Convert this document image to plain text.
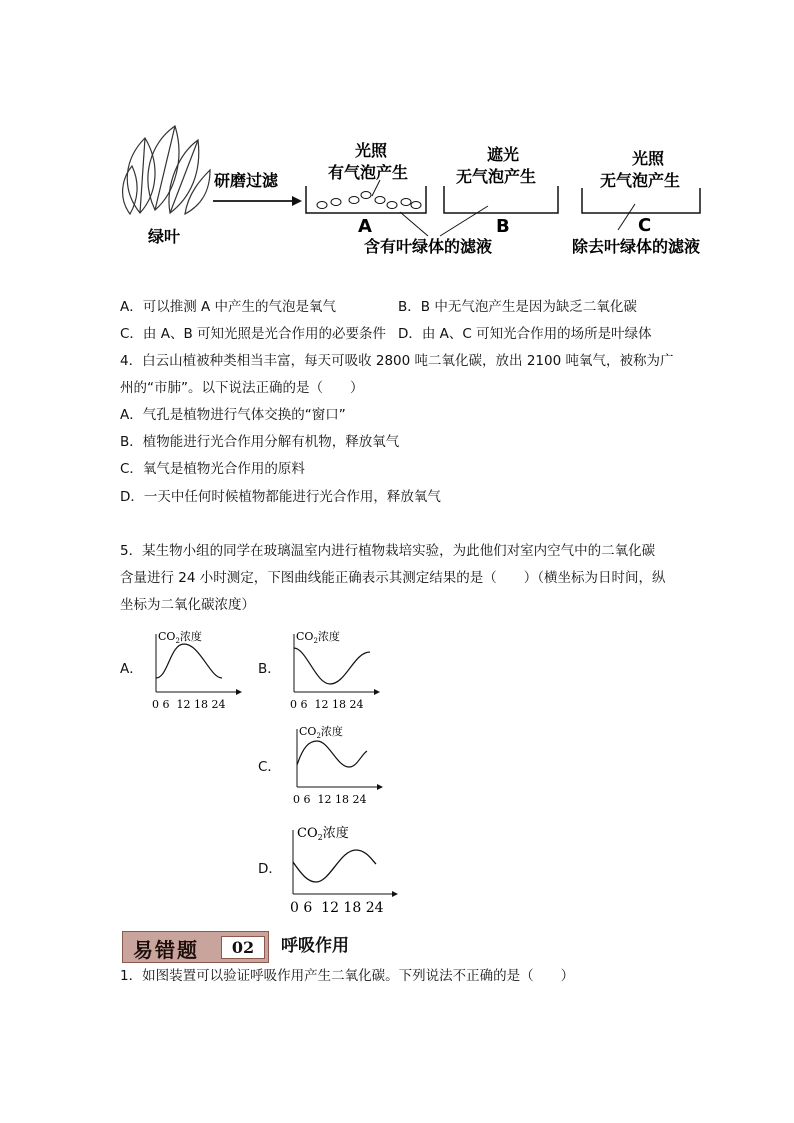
绿叶
研磨过滤
光照
有气泡产生
A
遮光
无气泡产生
B
光照
无气泡产生
C
含有叶绿体的滤液	除去叶绿体的滤液
A．可以推测 A 中产生的气泡是氧气	B．B 中无气泡产生是因为缺乏二氧化碳
C．由 A、B 可知光照是光合作用的必要条件 D．由 A、C 可知光合作用的场所是叶绿体
4．白云山植被种类相当丰富，每天可吸收 2800 吨二氧化碳，放出 2100 吨氧气，被称为广
州的“市肺”。以下说法正确的是（　　）
A．气孔是植物进行气体交换的“窗口”
B．植物能进行光合作用分解有机物，释放氧气
C．氧气是植物光合作用的原料
D．一天中任何时候植物都能进行光合作用，释放氧气
5．某生物小组的同学在玻璃温室内进行植物栽培实验，为此他们对室内空气中的二氧化碳
含量进行 24 小时测定，下图曲线能正确表示其测定结果的是（　　）（横坐标为日时间，纵
坐标为二氧化碳浓度）
A．	B．
C．
D．
$CO_2$浓度
0 6  12 18 24
$CO_2$浓度
0 6  12 18 24
$CO_2$浓度
0 6  12 18 24
$CO_2$浓度
0 6  12 18 24
易错题	02	呼吸作用
1．如图装置可以验证呼吸作用产生二氧化碳。下列说法不正确的是（　　）
